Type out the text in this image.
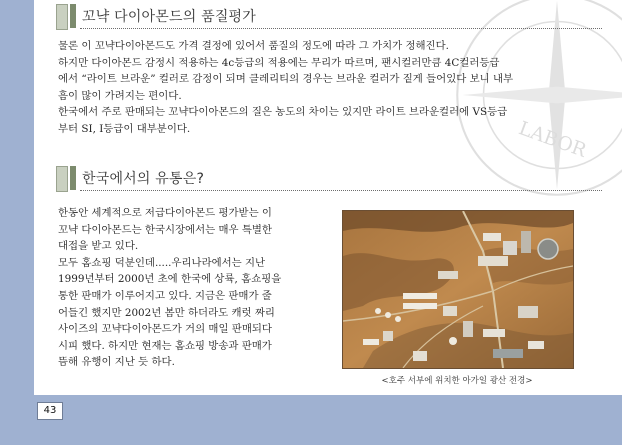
LABOR
꼬냑 다이아몬드의 품질평가

물론 이 꼬냑다이아몬드도 가격 결정에 있어서 품질의 정도에 따라 그 가치가 정해진다.

하지만 다이아몬드 감정시 적용하는 4c등급의 적용에는 무리가 따르며, 팬시컬러만큼 4C컬러등급

에서 “라이트 브라운” 컬러로 감정이 되며 클레리티의 경우는 브라운 컬러가 짙게 들어있다 보니 내부

흠이 많이 가려지는 편이다.

한국에서 주로 판매되는 꼬냑다이아몬드의 질은 농도의 차이는 있지만 라이트 브라운컬러에 VS등급

부터 SI, I등급이 대부분이다.

한국에서의 유통은?

한동안 세계적으로 저급다이아몬드 평가받는 이

꼬냑 다이아몬드는 한국시장에서는 매우 특별한

대접을 받고 있다.

모두 홈쇼핑 덕분인데.....우리나라에서는 지난

1999년부터 2000년 초에 한국에 상륙, 홈쇼핑을

통한 판매가 이루어지고 있다. 지금은 판매가 줄

어들긴 했지만 2002년 봄만 하더라도 캐럿 짜리

사이즈의 꼬냑다이아몬드가 거의 매일 판매되다

시피 했다. 하지만 현재는 홈쇼핑 방송과 판매가

뜸해 유행이 지난 듯 하다.

<호주 서부에 위치한 아가일 광산 전경>
43
